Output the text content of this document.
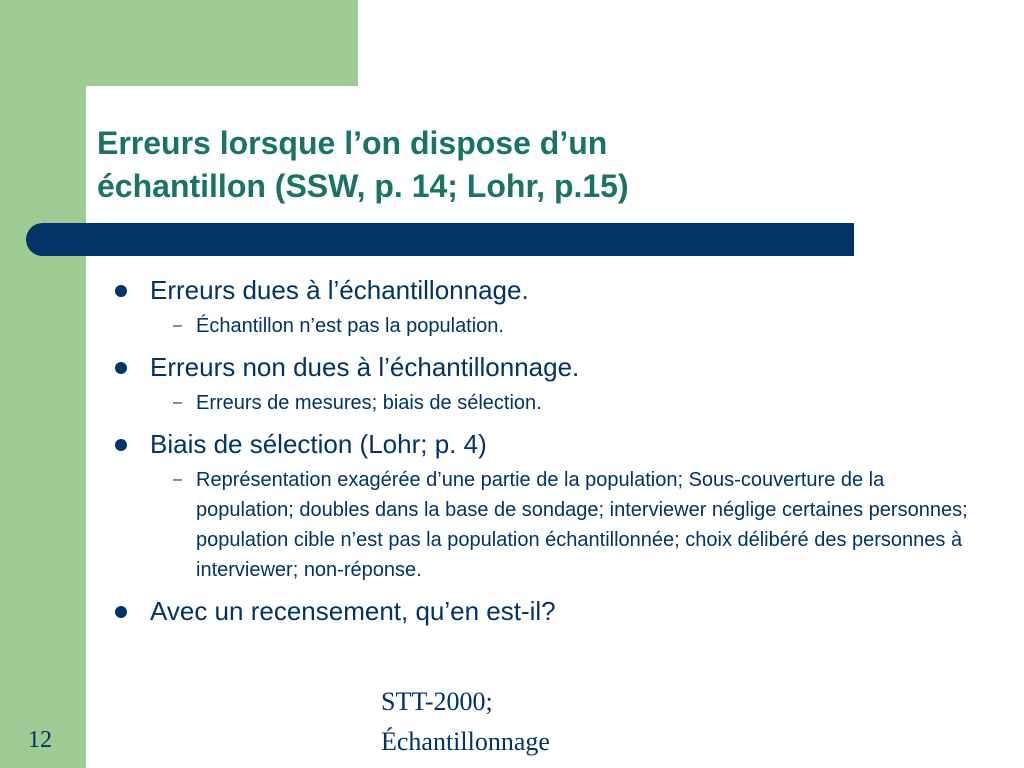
Erreurs lorsque l’on dispose d’un
échantillon (SSW, p. 14; Lohr, p.15)
Erreurs dues à l’échantillonnage.
– Échantillon n’est pas la population.
Erreurs non dues à l’échantillonnage.
– Erreurs de mesures; biais de sélection.
Biais de sélection (Lohr; p. 4)
– Représentation exagérée d’une partie de la population; Sous-couverture de la population; doubles dans la base de sondage; interviewer néglige certaines personnes; population cible n’est pas la population échantillonnée; choix délibéré des personnes à interviewer; non-réponse.
Avec un recensement, qu’en est-il?
12
STT-2000;
Échantillonnage
